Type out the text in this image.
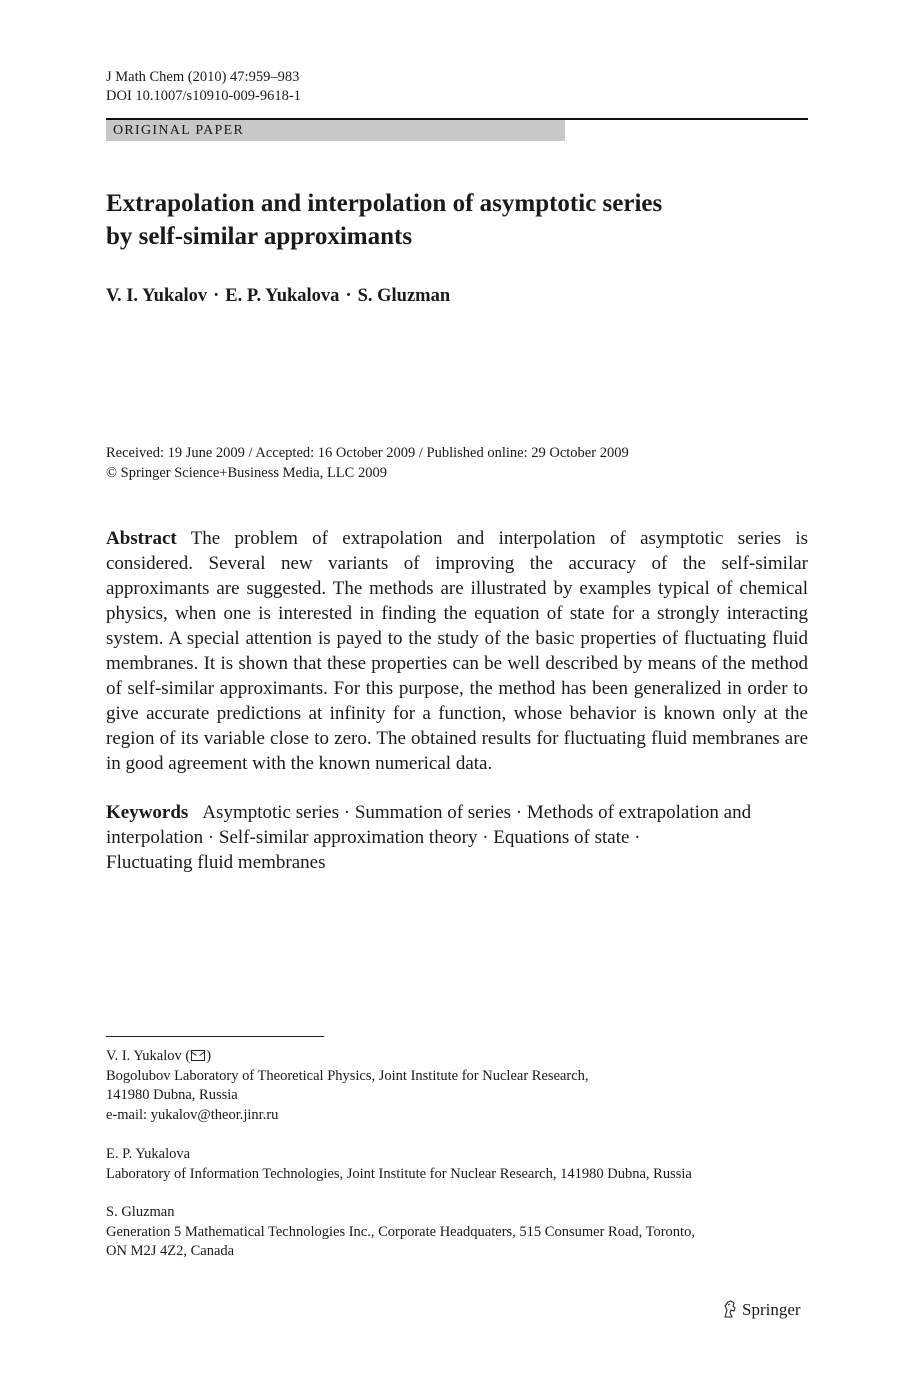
J Math Chem (2010) 47:959–983
DOI 10.1007/s10910-009-9618-1
ORIGINAL PAPER
Extrapolation and interpolation of asymptotic series
by self-similar approximants
V. I. Yukalov · E. P. Yukalova · S. Gluzman
Received: 19 June 2009 / Accepted: 16 October 2009 / Published online: 29 October 2009
© Springer Science+Business Media, LLC 2009
Abstract The problem of extrapolation and interpolation of asymptotic series is considered. Several new variants of improving the accuracy of the self-similar approximants are suggested. The methods are illustrated by examples typical of chemical physics, when one is interested in finding the equation of state for a strongly interacting system. A special attention is payed to the study of the basic properties of fluctuating fluid membranes. It is shown that these properties can be well described by means of the method of self-similar approximants. For this purpose, the method has been generalized in order to give accurate predictions at infinity for a function, whose behavior is known only at the region of its variable close to zero. The obtained results for fluctuating fluid membranes are in good agreement with the known numerical data.
Keywords Asymptotic series · Summation of series · Methods of extrapolation and
interpolation · Self-similar approximation theory · Equations of state ·
Fluctuating fluid membranes
V. I. Yukalov ( )
Bogolubov Laboratory of Theoretical Physics, Joint Institute for Nuclear Research,
141980 Dubna, Russia
e-mail: yukalov@theor.jinr.ru
E. P. Yukalova
Laboratory of Information Technologies, Joint Institute for Nuclear Research, 141980 Dubna, Russia
S. Gluzman
Generation 5 Mathematical Technologies Inc., Corporate Headquaters, 515 Consumer Road, Toronto,
ON M2J 4Z2, Canada
Springer
